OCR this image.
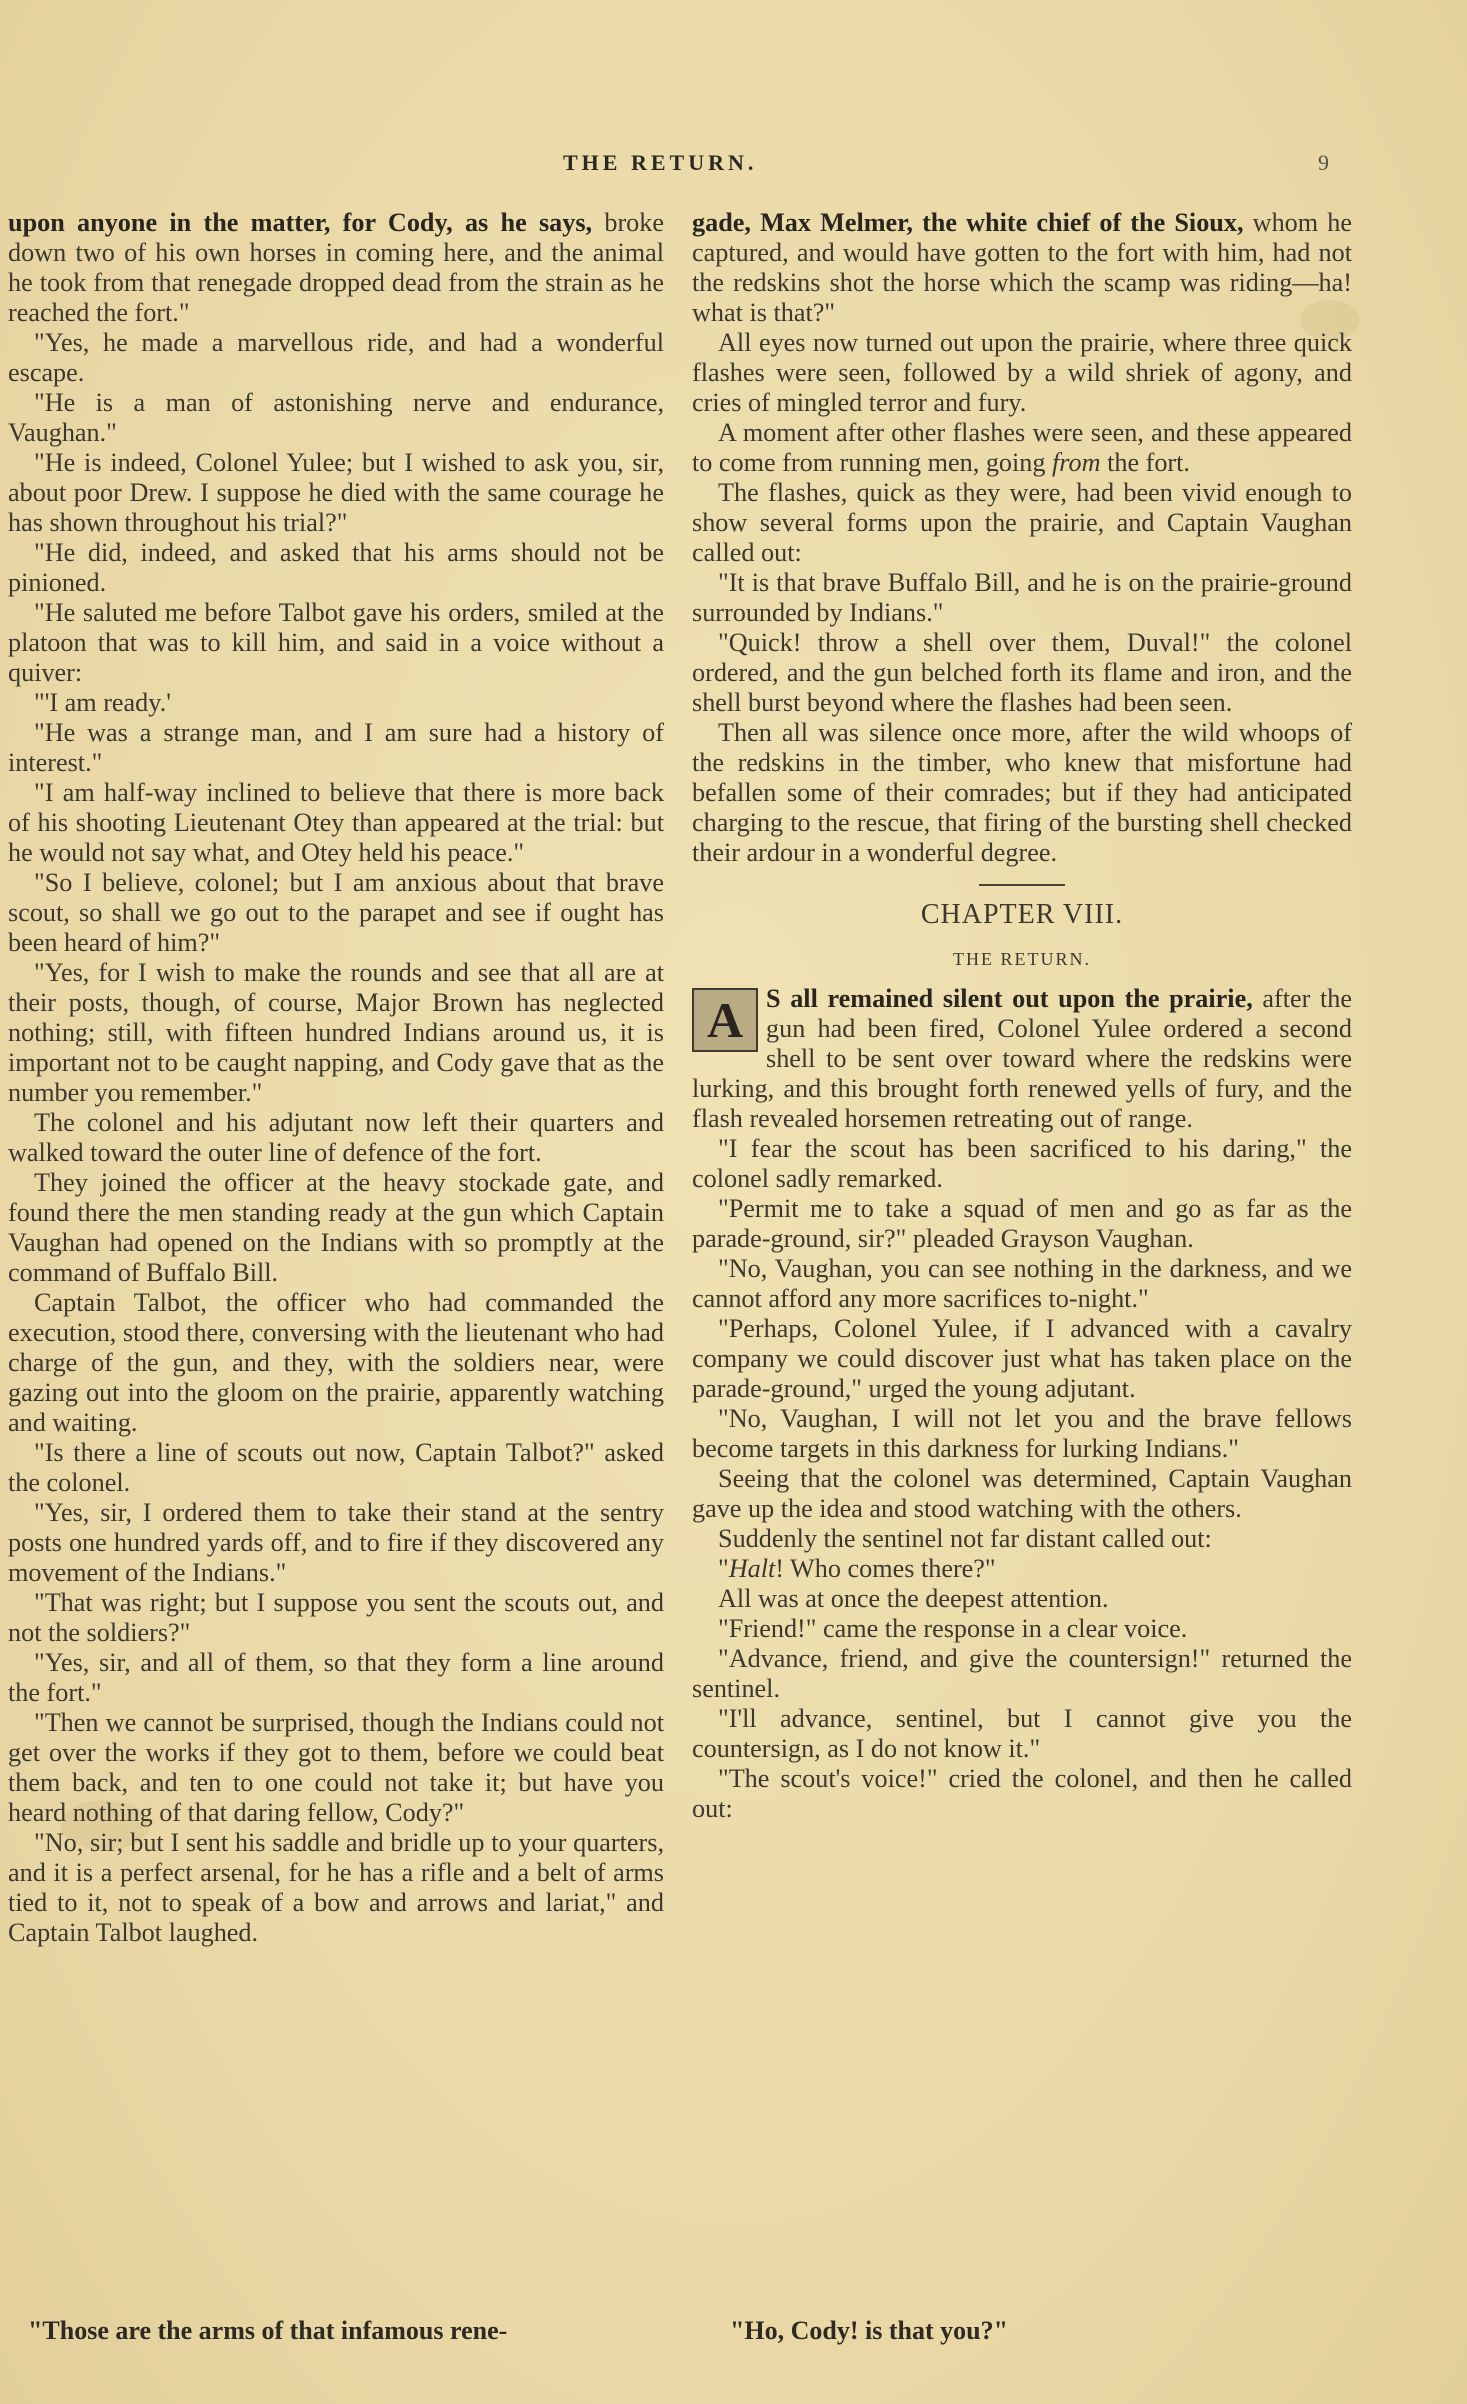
THE RETURN.	9

upon anyone in the matter, for Cody, as he says, broke down two of his own horses in coming here, and the animal he took from that renegade dropped dead from the strain as he reached the fort."

"Yes, he made a marvellous ride, and had a wonderful escape.

"He is a man of astonishing nerve and endurance, Vaughan."

"He is indeed, Colonel Yulee; but I wished to ask you, sir, about poor Drew. I suppose he died with the same courage he has shown throughout his trial?"

"He did, indeed, and asked that his arms should not be pinioned.

"He saluted me before Talbot gave his orders, smiled at the platoon that was to kill him, and said in a voice without a quiver:

"'I am ready.'

"He was a strange man, and I am sure had a history of interest."

"I am half-way inclined to believe that there is more back of his shooting Lieutenant Otey than appeared at the trial: but he would not say what, and Otey held his peace."

"So I believe, colonel; but I am anxious about that brave scout, so shall we go out to the parapet and see if ought has been heard of him?"

"Yes, for I wish to make the rounds and see that all are at their posts, though, of course, Major Brown has neglected nothing; still, with fifteen hundred Indians around us, it is important not to be caught napping, and Cody gave that as the number you remember."

The colonel and his adjutant now left their quarters and walked toward the outer line of defence of the fort.

They joined the officer at the heavy stockade gate, and found there the men standing ready at the gun which Captain Vaughan had opened on the Indians with so promptly at the command of Buffalo Bill.

Captain Talbot, the officer who had commanded the execution, stood there, conversing with the lieutenant who had charge of the gun, and they, with the soldiers near, were gazing out into the gloom on the prairie, apparently watching and waiting.

"Is there a line of scouts out now, Captain Talbot?" asked the colonel.

"Yes, sir, I ordered them to take their stand at the sentry posts one hundred yards off, and to fire if they discovered any movement of the Indians."

"That was right; but I suppose you sent the scouts out, and not the soldiers?"

"Yes, sir, and all of them, so that they form a line around the fort."

"Then we cannot be surprised, though the Indians could not get over the works if they got to them, before we could beat them back, and ten to one could not take it; but have you heard nothing of that daring fellow, Cody?"

"No, sir; but I sent his saddle and bridle up to your quarters, and it is a perfect arsenal, for he has a rifle and a belt of arms tied to it, not to speak of a bow and arrows and lariat," and Captain Talbot laughed.

gade, Max Melmer, the white chief of the Sioux, whom he captured, and would have gotten to the fort with him, had not the redskins shot the horse which the scamp was riding—ha! what is that?"

All eyes now turned out upon the prairie, where three quick flashes were seen, followed by a wild shriek of agony, and cries of mingled terror and fury.

A moment after other flashes were seen, and these appeared to come from running men, going from the fort.

The flashes, quick as they were, had been vivid enough to show several forms upon the prairie, and Captain Vaughan called out:

"It is that brave Buffalo Bill, and he is on the prairie-ground surrounded by Indians."

"Quick! throw a shell over them, Duval!" the colonel ordered, and the gun belched forth its flame and iron, and the shell burst beyond where the flashes had been seen.

Then all was silence once more, after the wild whoops of the redskins in the timber, who knew that misfortune had befallen some of their comrades; but if they had anticipated charging to the rescue, that firing of the bursting shell checked their ardour in a wonderful degree.

CHAPTER VIII.
THE RETURN.

A S all remained silent out upon the prairie, after the gun had been fired, Colonel Yulee ordered a second shell to be sent over toward where the redskins were lurking, and this brought forth renewed yells of fury, and the flash revealed horsemen retreating out of range.

"I fear the scout has been sacrificed to his daring," the colonel sadly remarked.

"Permit me to take a squad of men and go as far as the parade-ground, sir?" pleaded Grayson Vaughan.

"No, Vaughan, you can see nothing in the darkness, and we cannot afford any more sacrifices to-night."

"Perhaps, Colonel Yulee, if I advanced with a cavalry company we could discover just what has taken place on the parade-ground," urged the young adjutant.

"No, Vaughan, I will not let you and the brave fellows become targets in this darkness for lurking Indians."

Seeing that the colonel was determined, Captain Vaughan gave up the idea and stood watching with the others.

Suddenly the sentinel not far distant called out:

"Halt! Who comes there?"

All was at once the deepest attention.

"Friend!" came the response in a clear voice.

"Advance, friend, and give the countersign!" returned the sentinel.

"I'll advance, sentinel, but I cannot give you the countersign, as I do not know it."

"The scout's voice!" cried the colonel, and then he called out:

"Those are the arms of that infamous rene-	"Ho, Cody! is that you?"
